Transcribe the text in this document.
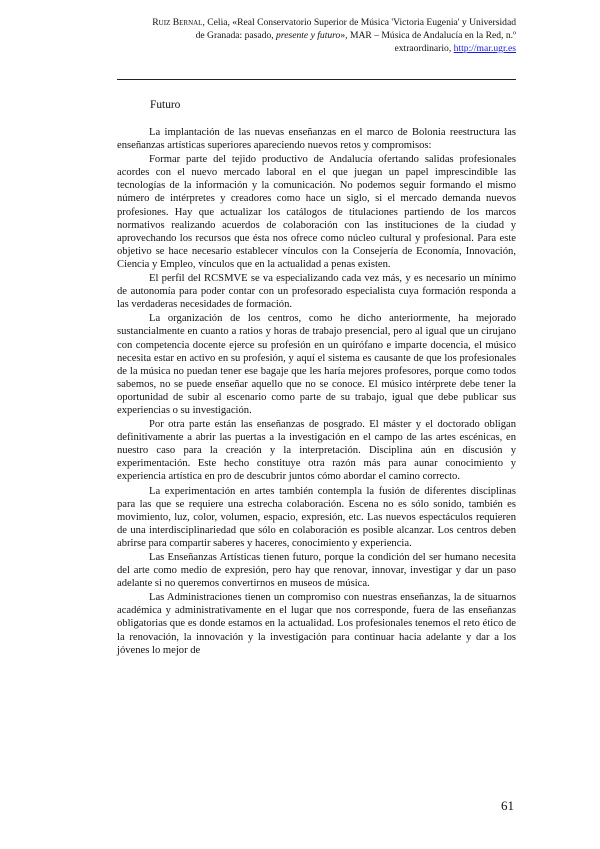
Ruiz Bernal, Celia, «Real Conservatorio Superior de Música 'Victoria Eugenia' y Universidad
de Granada: pasado, presente y futuro», MAR – Música de Andalucía en la Red, n.º
extraordinario, http://mar.ugr.es
Futuro

La implantación de las nuevas enseñanzas en el marco de Bolonia reestructura las enseñanzas artísticas superiores apareciendo nuevos retos y compromisos:

Formar parte del tejido productivo de Andalucía ofertando salidas profesionales acordes con el nuevo mercado laboral en el que juegan un papel imprescindible las tecnologías de la información y la comunicación. No podemos seguir formando el mismo número de intérpretes y creadores como hace un siglo, si el mercado demanda nuevos profesiones. Hay que actualizar los catálogos de titulaciones partiendo de los marcos normativos realizando acuerdos de colaboración con las instituciones de la ciudad y aprovechando los recursos que ésta nos ofrece como núcleo cultural y profesional. Para este objetivo se hace necesario establecer vínculos con la Consejería de Economía, Innovación, Ciencia y Empleo, vínculos que en la actualidad a penas existen.

El perfil del RCSMVE se va especializando cada vez más, y es necesario un mínimo de autonomía para poder contar con un profesorado especialista cuya formación responda a las verdaderas necesidades de formación.

La organización de los centros, como he dicho anteriormente, ha mejorado sustancialmente en cuanto a ratios y horas de trabajo presencial, pero al igual que un cirujano con competencia docente ejerce su profesión en un quirófano e imparte docencia, el músico necesita estar en activo en su profesión, y aquí el sistema es causante de que los profesionales de la música no puedan tener ese bagaje que les haría mejores profesores, porque como todos sabemos, no se puede enseñar aquello que no se conoce. El músico intérprete debe tener la oportunidad de subir al escenario como parte de su trabajo, igual que debe publicar sus experiencias o su investigación.

Por otra parte están las enseñanzas de posgrado. El máster y el doctorado obligan definitivamente a abrir las puertas a la investigación en el campo de las artes escénicas, en nuestro caso para la creación y la interpretación. Disciplina aún en discusión y experimentación. Este hecho constituye otra razón más para aunar conocimiento y experiencia artística en pro de descubrir juntos cómo abordar el camino correcto.

La experimentación en artes también contempla la fusión de diferentes disciplinas para las que se requiere una estrecha colaboración. Escena no es sólo sonido, también es movimiento, luz, color, volumen, espacio, expresión, etc. Las nuevos espectáculos requieren de una interdisciplinariedad que sólo en colaboración es posible alcanzar. Los centros deben abrirse para compartir saberes y haceres, conocimiento y experiencia.

Las Enseñanzas Artísticas tienen futuro, porque la condición del ser humano necesita del arte como medio de expresión, pero hay que renovar, innovar, investigar y dar un paso adelante si no queremos convertirnos en museos de música.

Las Administraciones tienen un compromiso con nuestras enseñanzas, la de situarnos académica y administrativamente en el lugar que nos corresponde, fuera de las enseñanzas obligatorias que es donde estamos en la actualidad. Los profesionales tenemos el reto ético de la renovación, la innovación y la investigación para continuar hacia adelante y dar a los jóvenes lo mejor de

61
